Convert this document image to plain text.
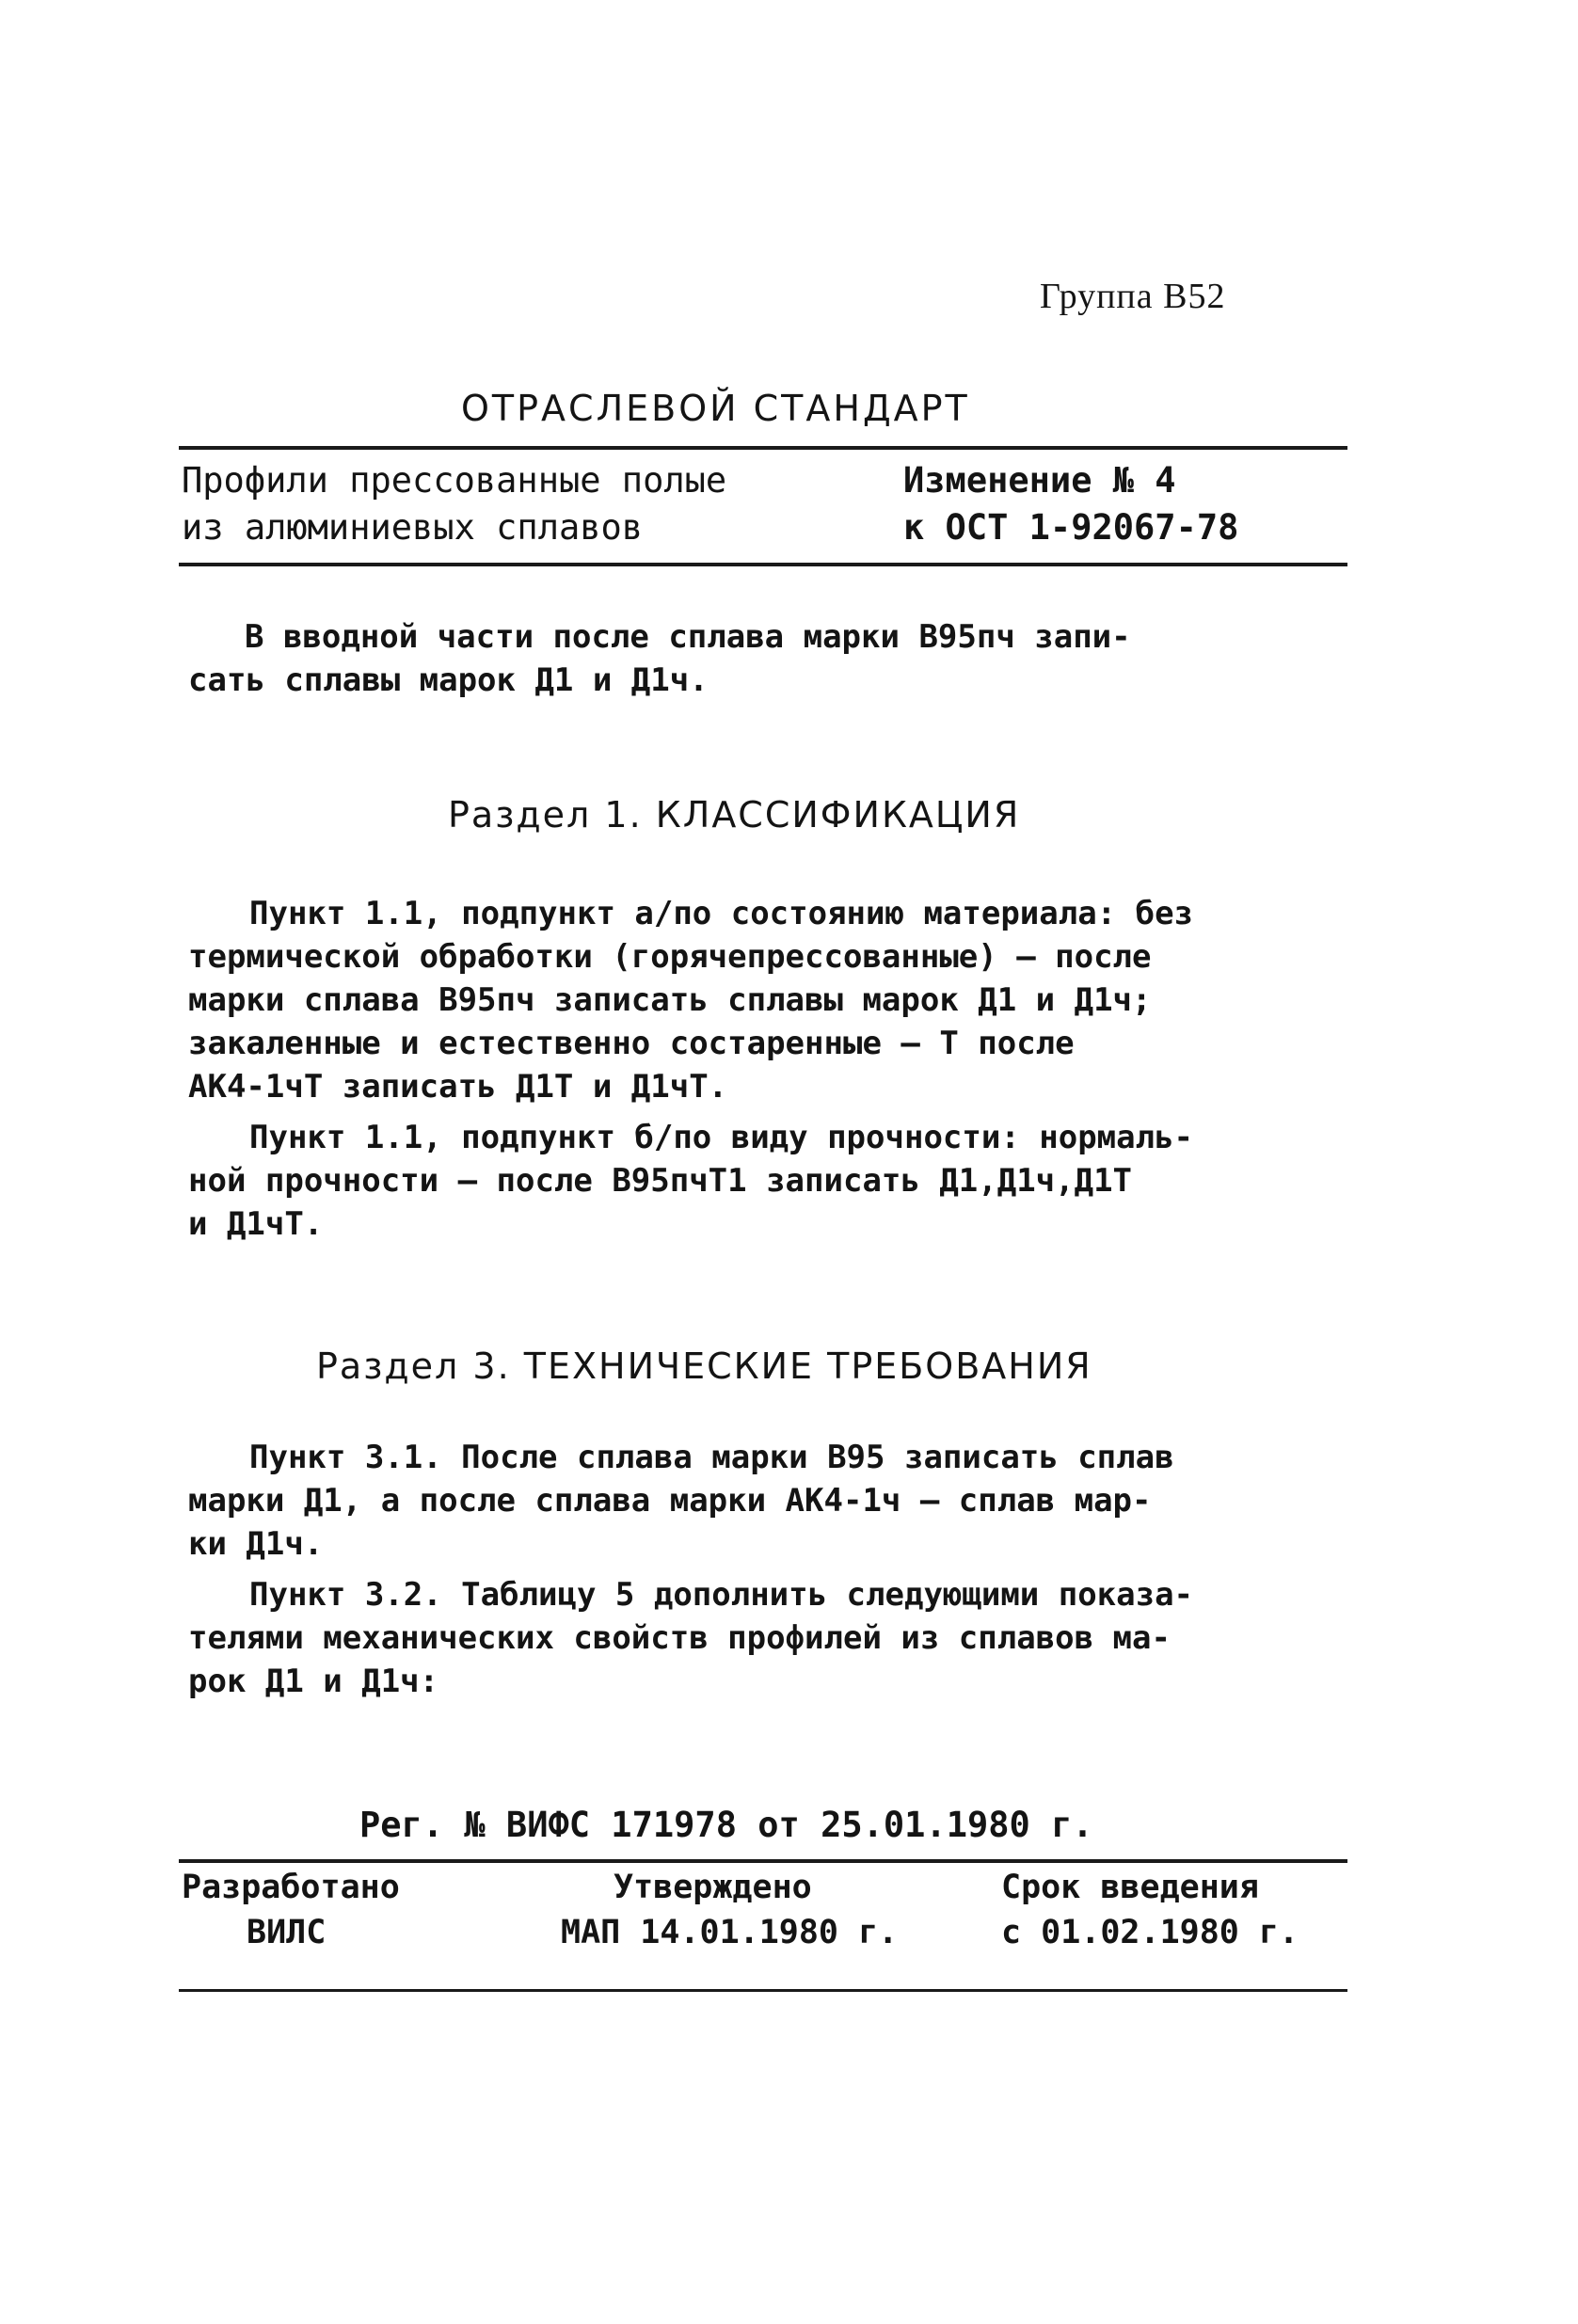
Группа В52
ОТРАСЛЕВОЙ СТАНДАРТ
Профили прессованные полые
из алюминиевых сплавов
Изменение № 4
к ОСТ 1-92067-78
В вводной части после сплава марки В95пч запи-
сать сплавы марок Д1 и Д1ч.
Раздел 1. КЛАССИФИКАЦИЯ
Пункт 1.1, подпункт а/по состоянию материала: без
термической обработки (горячепрессованные) – после
марки сплава В95пч записать сплавы марок Д1 и Д1ч;
закаленные и естественно состаренные – Т после
АК4-1чТ записать Д1Т и Д1чТ.
Пункт 1.1, подпункт б/по виду прочности: нормаль-
ной прочности – после В95пчТ1 записать Д1,Д1ч,Д1Т
и Д1чТ.
Раздел 3. ТЕХНИЧЕСКИЕ ТРЕБОВАНИЯ
Пункт 3.1. После сплава марки В95 записать сплав
марки Д1, а после сплава марки АК4-1ч – сплав мар-
ки Д1ч.
Пункт 3.2. Таблицу 5 дополнить следующими показа-
телями механических свойств профилей из сплавов ма-
рок Д1 и Д1ч:
Рег. № ВИФС 171978 от 25.01.1980 г.
Разработано
ВИЛС
Утверждено
МАП 14.01.1980 г.
Срок введения
с 01.02.1980 г.
